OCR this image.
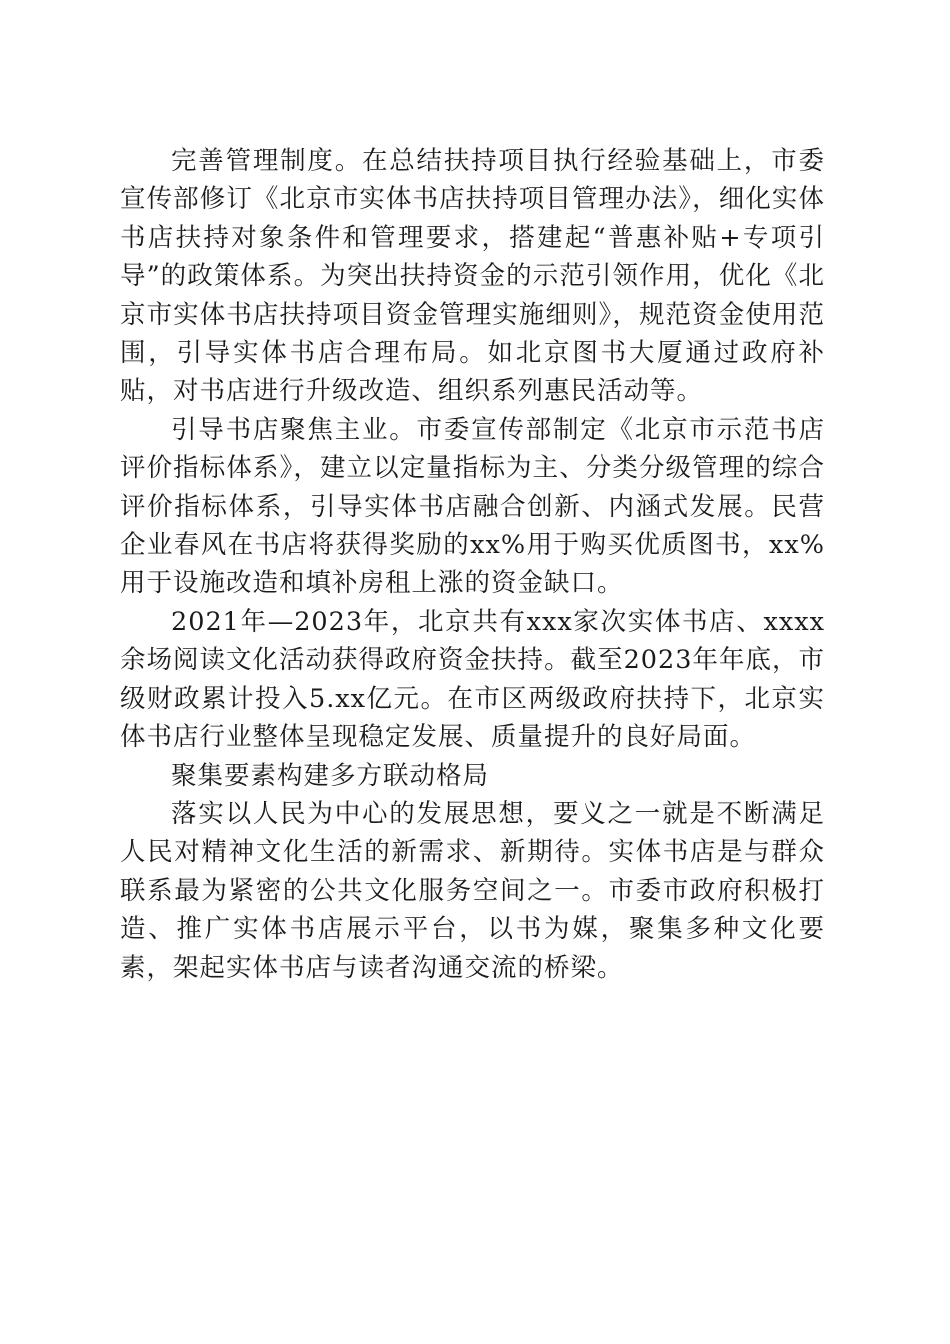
完善管理制度。在总结扶持项目执行经验基础上，市委宣传部修订《北京市实体书店扶持项目管理办法》，细化实体书店扶持对象条件和管理要求，搭建起“普惠补贴+专项引导”的政策体系。为突出扶持资金的示范引领作用，优化《北京市实体书店扶持项目资金管理实施细则》，规范资金使用范围，引导实体书店合理布局。如北京图书大厦通过政府补贴，对书店进行升级改造、组织系列惠民活动等。

引导书店聚焦主业。市委宣传部制定《北京市示范书店评价指标体系》，建立以定量指标为主、分类分级管理的综合评价指标体系，引导实体书店融合创新、内涵式发展。民营企业春风在书店将获得奖励的xx%用于购买优质图书，xx%用于设施改造和填补房租上涨的资金缺口。

2021年—2023年，北京共有xxx家次实体书店、xxxx余场阅读文化活动获得政府资金扶持。截至2023年年底，市级财政累计投入5.xx亿元。在市区两级政府扶持下，北京实体书店行业整体呈现稳定发展、质量提升的良好局面。

聚集要素构建多方联动格局

落实以人民为中心的发展思想，要义之一就是不断满足人民对精神文化生活的新需求、新期待。实体书店是与群众联系最为紧密的公共文化服务空间之一。市委市政府积极打造、推广实体书店展示平台，以书为媒，聚集多种文化要素，架起实体书店与读者沟通交流的桥梁。
